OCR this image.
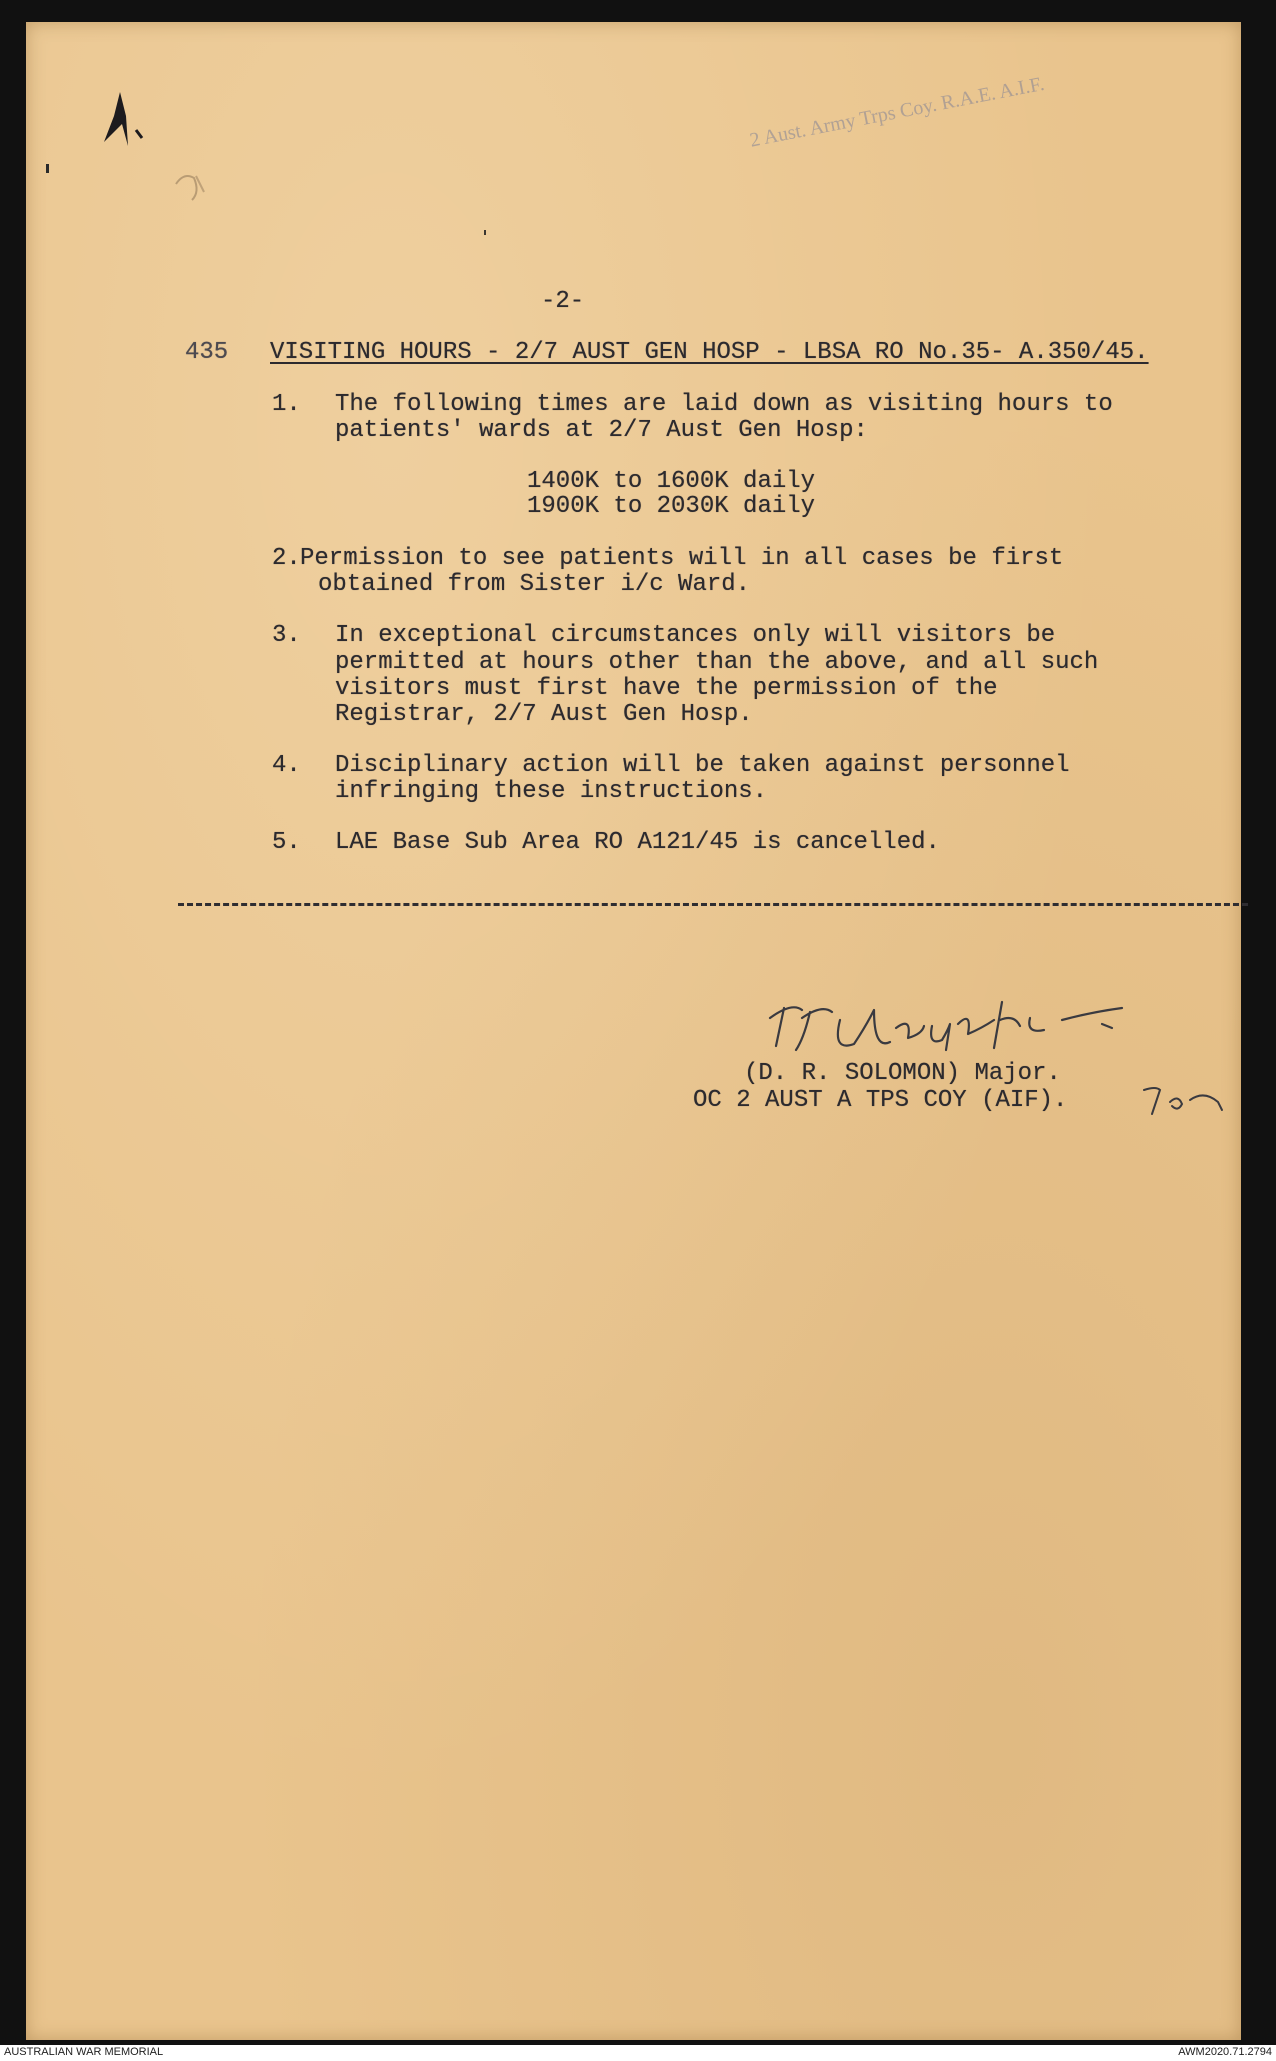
2 Aust. Army Trps Coy. R.A.E. A.I.F.
-2-
435 VISITING HOURS - 2/7 AUST GEN HOSP - LBSA RO No.35- A.350/45.
1. The following times are laid down as visiting hours to
patients' wards at 2/7 Aust Gen Hosp:
1400K to 1600K daily
1900K to 2030K daily
2. Permission to see patients will in all cases be first
obtained from Sister i/c Ward.
3. In exceptional circumstances only will visitors be
permitted at hours other than the above, and all such
visitors must first have the permission of the
Registrar, 2/7 Aust Gen Hosp.
4. Disciplinary action will be taken against personnel
infringing these instructions.
5. LAE Base Sub Area RO A121/45 is cancelled.
(D. R. SOLOMON) Major.
OC 2 AUST A TPS COY (AIF).
AUSTRALIAN WAR MEMORIAL	AWM2020.71.2794
